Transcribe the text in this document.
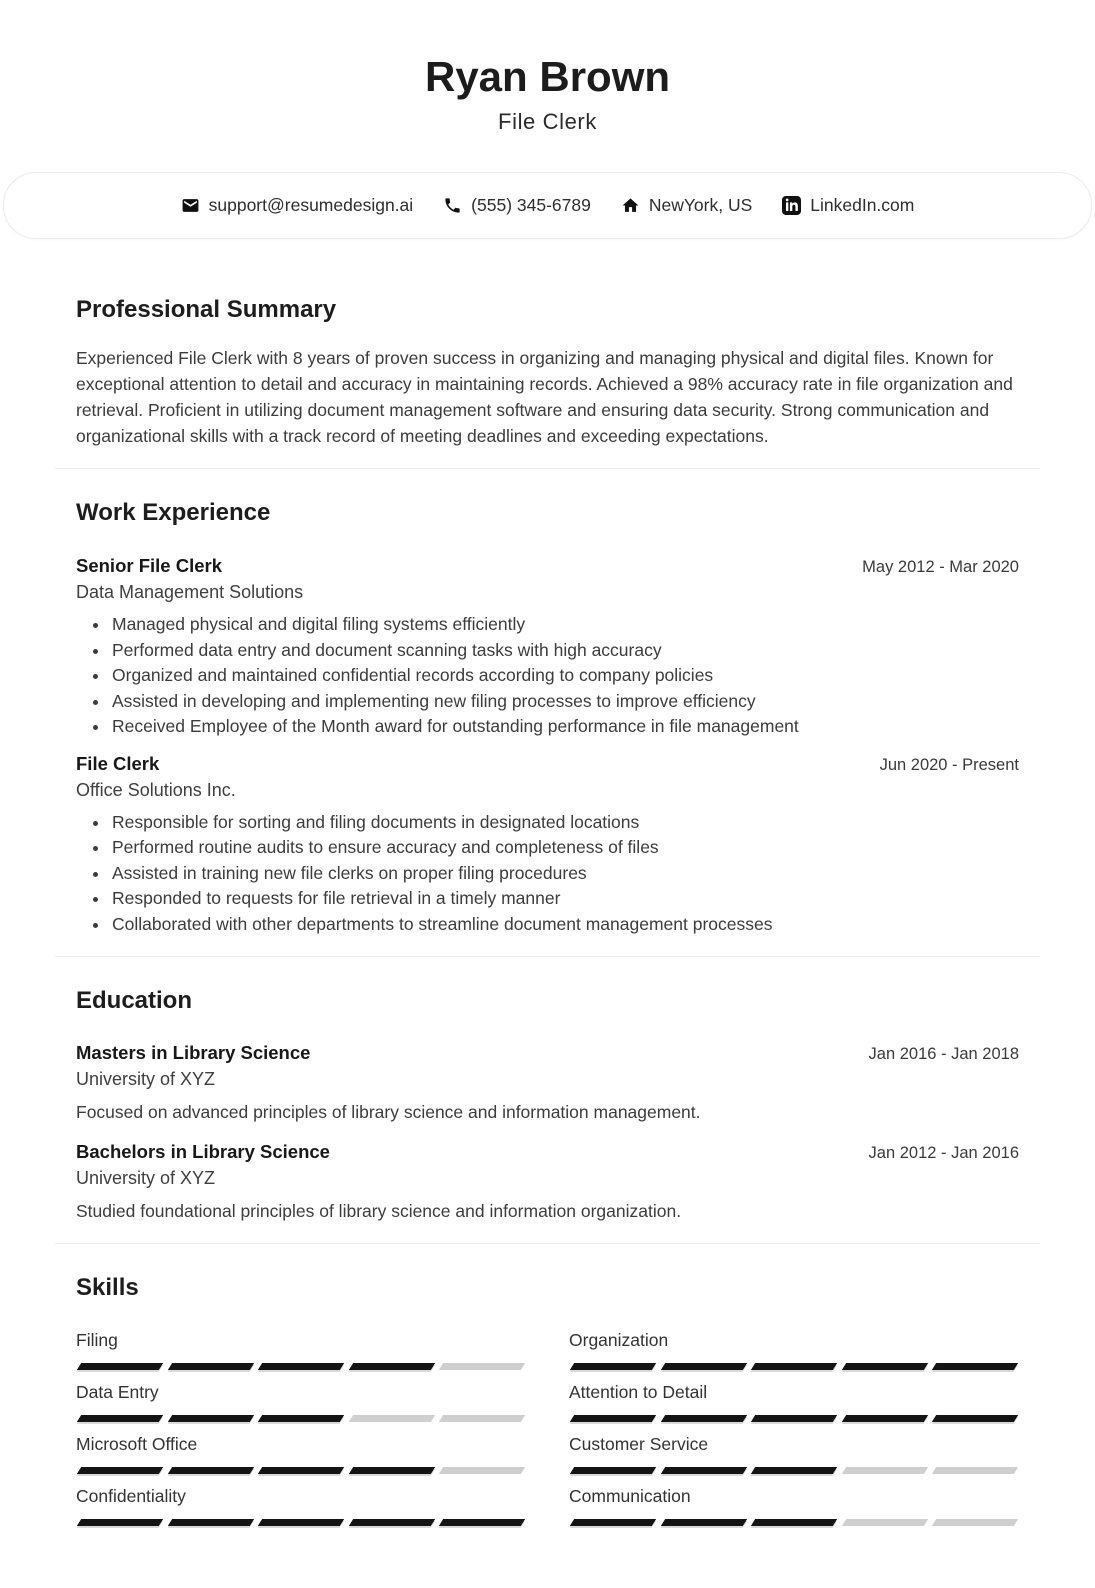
Ryan Brown
File Clerk
support@resumedesign.ai	(555) 345-6789	NewYork, US	LinkedIn.com
Professional Summary

Experienced File Clerk with 8 years of proven success in organizing and managing physical and digital files. Known for exceptional attention to detail and accuracy in maintaining records. Achieved a 98% accuracy rate in file organization and retrieval. Proficient in utilizing document management software and ensuring data security. Strong communication and organizational skills with a track record of meeting deadlines and exceeding expectations.

Work Experience
Senior File Clerk	May 2012 - Mar 2020
Data Management Solutions
• Managed physical and digital filing systems efficiently
• Performed data entry and document scanning tasks with high accuracy
• Organized and maintained confidential records according to company policies
• Assisted in developing and implementing new filing processes to improve efficiency
• Received Employee of the Month award for outstanding performance in file management
File Clerk	Jun 2020 - Present
Office Solutions Inc.
• Responsible for sorting and filing documents in designated locations
• Performed routine audits to ensure accuracy and completeness of files
• Assisted in training new file clerks on proper filing procedures
• Responded to requests for file retrieval in a timely manner
• Collaborated with other departments to streamline document management processes
Education
Masters in Library Science	Jan 2016 - Jan 2018
University of XYZ

Focused on advanced principles of library science and information management.

Bachelors in Library Science	Jan 2012 - Jan 2016
University of XYZ

Studied foundational principles of library science and information organization.

Skills
Filing	Organization
Data Entry	Attention to Detail
Microsoft Office	Customer Service
Confidentiality	Communication
